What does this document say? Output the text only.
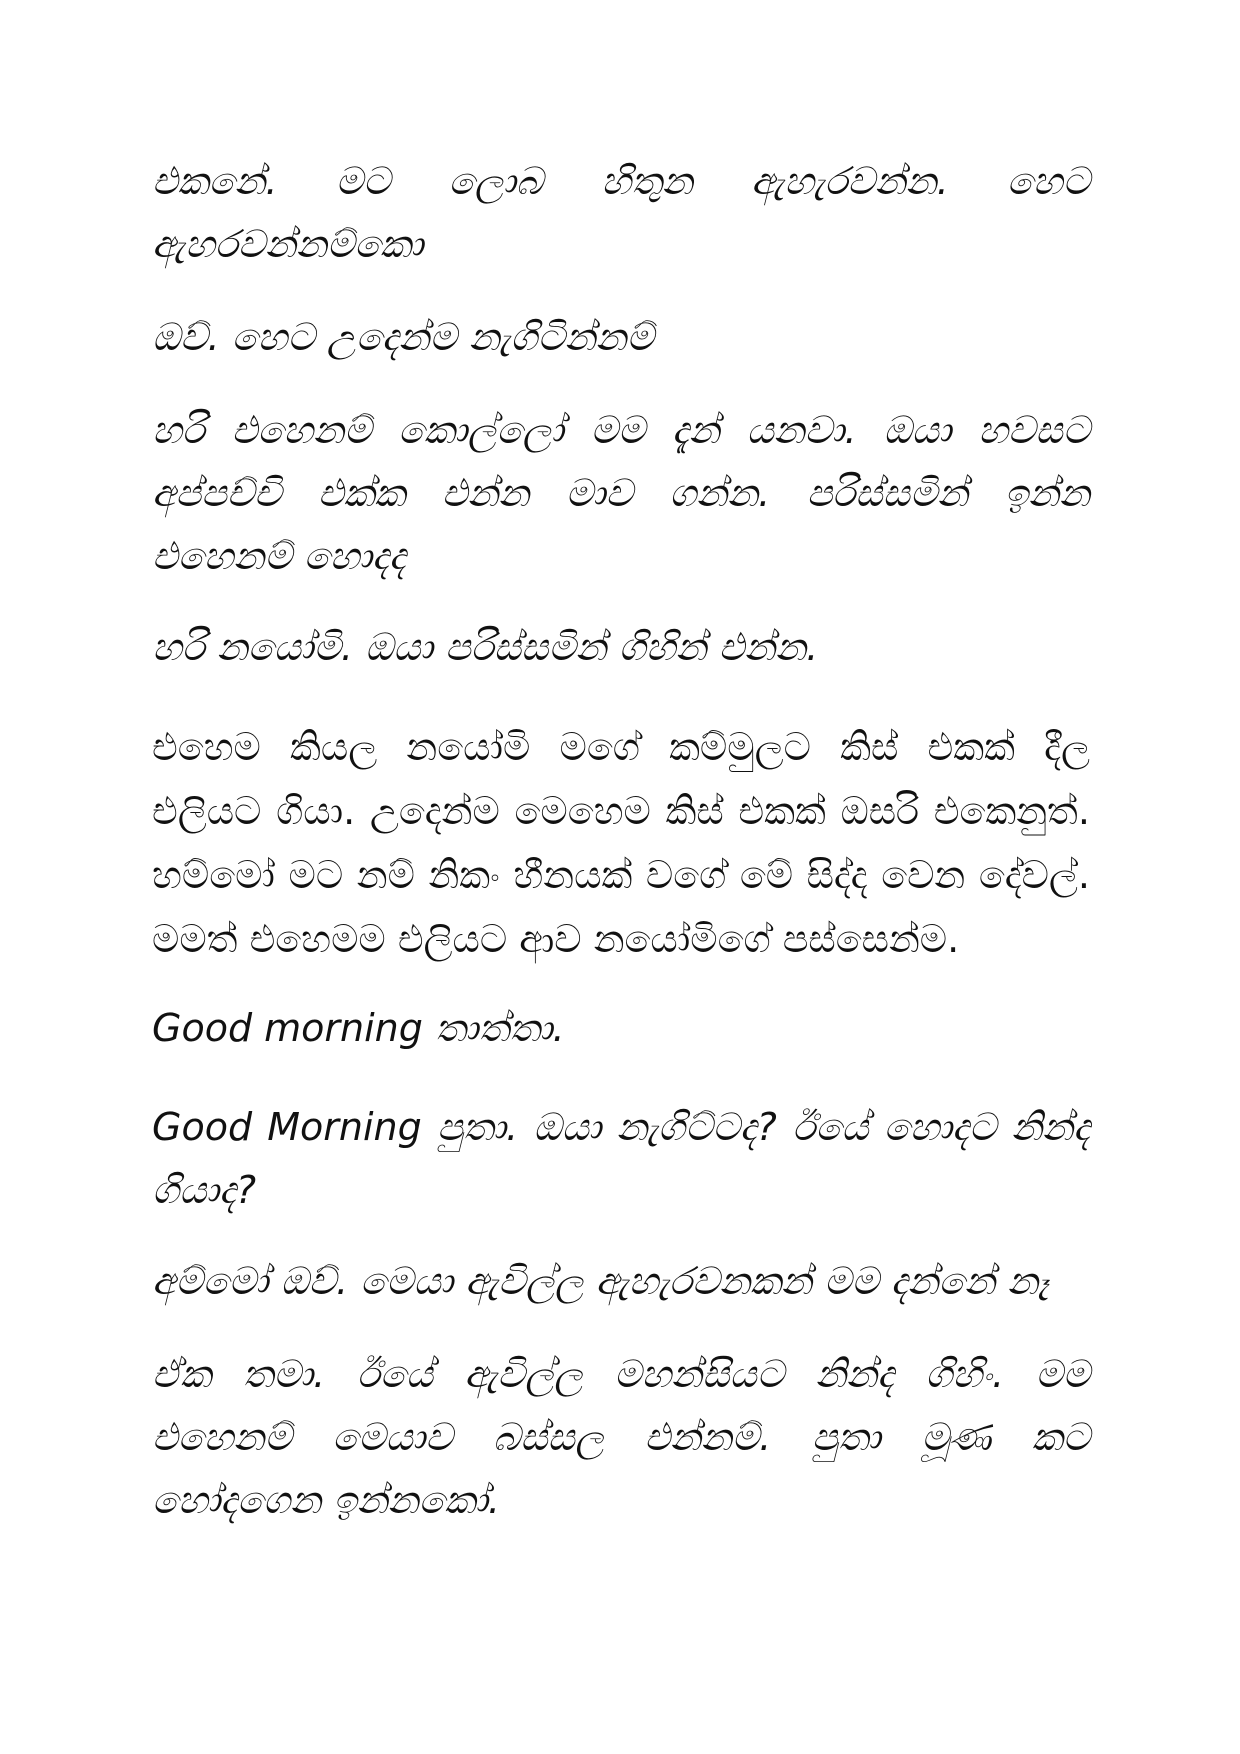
එකනේ. මට ලොබ හිතුන ඇහැරවන්න. හෙට ඇහරවන්නම්කො

ඔව්. හෙට උදෙන්ම නැගිටින්නම්

හරි එහෙනම් කොල්ලෝ මම දැන් යනවා. ඔයා හවසට අප්පච්චි එක්ක එන්න මාව ගන්න. පරිස්සමින් ඉන්න එහෙනම් හොදද

හරි නයෝමි. ඔයා පරිස්සමින් ගිහින් එන්න.

එහෙම කියල නයෝමි මගේ කම්මුලට කිස් එකක් දීල එලියට ගියා. උදෙන්ම මෙහෙම කිස් එකක් ඔසරි එකෙනුත්. හම්මෝ මට නම් නිකං හීනයක් වගේ මේ සිද්ද වෙන දේවල්. මමත් එහෙමම එලියට ආව නයෝමිගේ පස්සෙන්ම.

Good morning තාත්තා.

Good Morning පුතා. ඔයා නැගිට්ටද? ඊයේ හොදට නින්ද ගියාද?

අම්මෝ ඔව්. මෙයා ඇවිල්ල ඇහැරවනකන් මම දන්නේ නෑ

ඒක තමා. ඊයේ ඇවිල්ල මහන්සියට නින්ද ගිහිං. මම එහෙනම් මෙයාව බස්සල එන්නම්. පුතා මූණ කට හෝදගෙන ඉන්නකෝ.
